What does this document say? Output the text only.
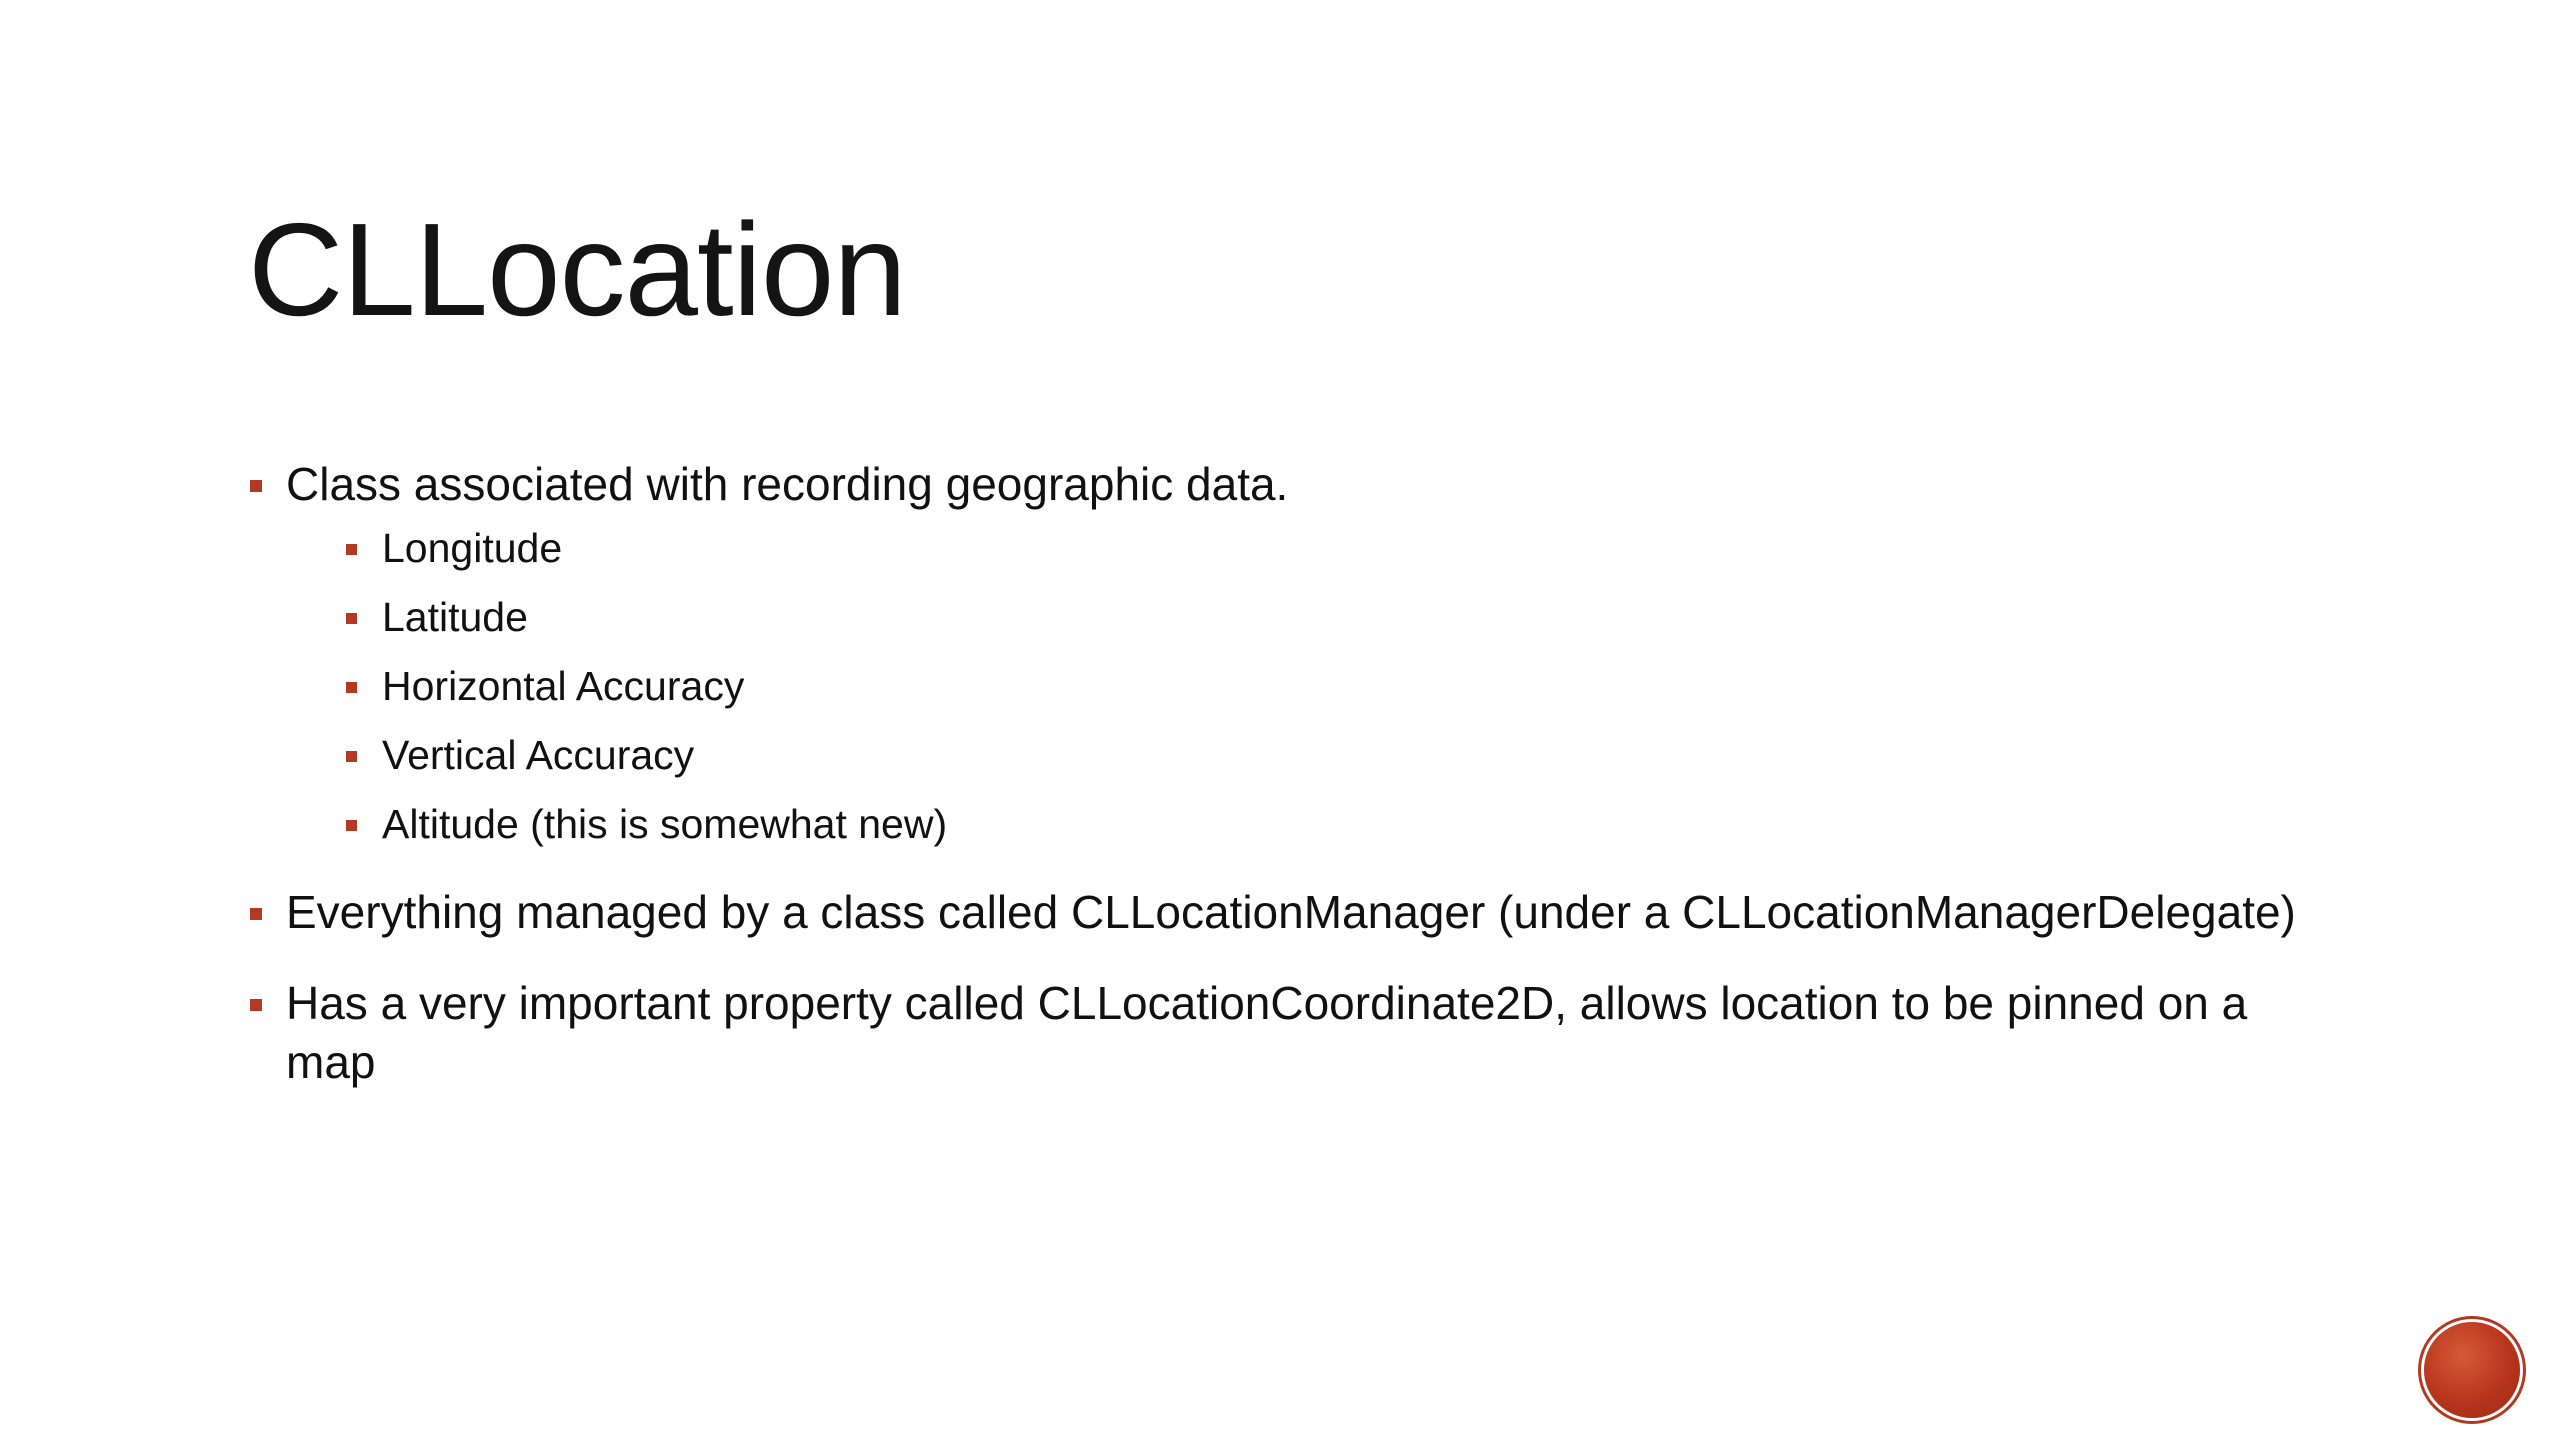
CLLocation
Class associated with recording geographic data.
Longitude
Latitude
Horizontal Accuracy
Vertical Accuracy
Altitude (this is somewhat new)
Everything managed by a class called CLLocationManager (under a CLLocationManagerDelegate)
Has a very important property called CLLocationCoordinate2D, allows location to be pinned on a map
